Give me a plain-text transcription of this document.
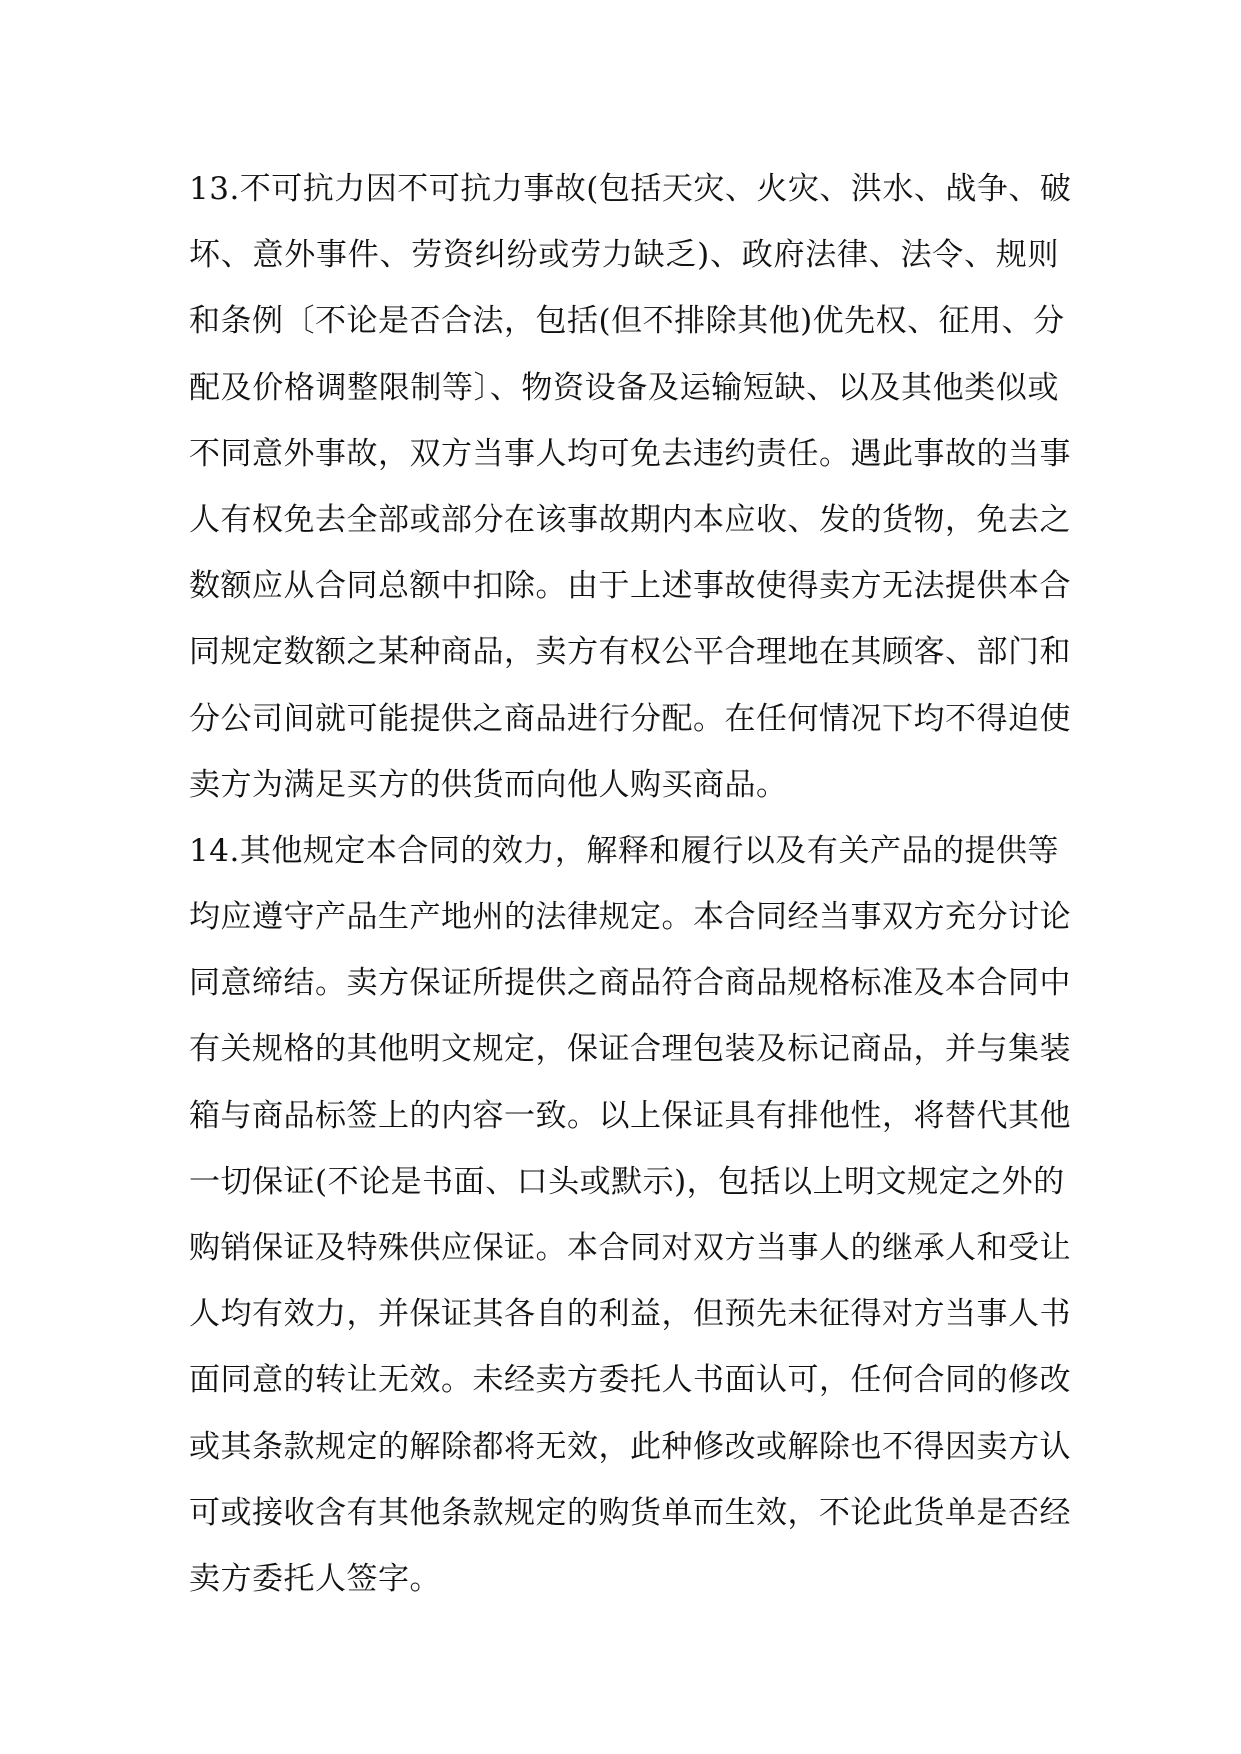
13.不可抗力因不可抗力事故(包括天灾、火灾、洪水、战争、破
坏、意外事件、劳资纠纷或劳力缺乏)、政府法律、法令、规则
和条例〔不论是否合法，包括(但不排除其他)优先权、征用、分
配及价格调整限制等〕、物资设备及运输短缺、以及其他类似或
不同意外事故，双方当事人均可免去违约责任。遇此事故的当事
人有权免去全部或部分在该事故期内本应收、发的货物，免去之
数额应从合同总额中扣除。由于上述事故使得卖方无法提供本合
同规定数额之某种商品，卖方有权公平合理地在其顾客、部门和
分公司间就可能提供之商品进行分配。在任何情况下均不得迫使
卖方为满足买方的供货而向他人购买商品。
14.其他规定本合同的效力，解释和履行以及有关产品的提供等
均应遵守产品生产地州的法律规定。本合同经当事双方充分讨论
同意缔结。卖方保证所提供之商品符合商品规格标准及本合同中
有关规格的其他明文规定，保证合理包装及标记商品，并与集装
箱与商品标签上的内容一致。以上保证具有排他性，将替代其他
一切保证(不论是书面、口头或默示)，包括以上明文规定之外的
购销保证及特殊供应保证。本合同对双方当事人的继承人和受让
人均有效力，并保证其各自的利益，但预先未征得对方当事人书
面同意的转让无效。未经卖方委托人书面认可，任何合同的修改
或其条款规定的解除都将无效，此种修改或解除也不得因卖方认
可或接收含有其他条款规定的购货单而生效，不论此货单是否经
卖方委托人签字。
